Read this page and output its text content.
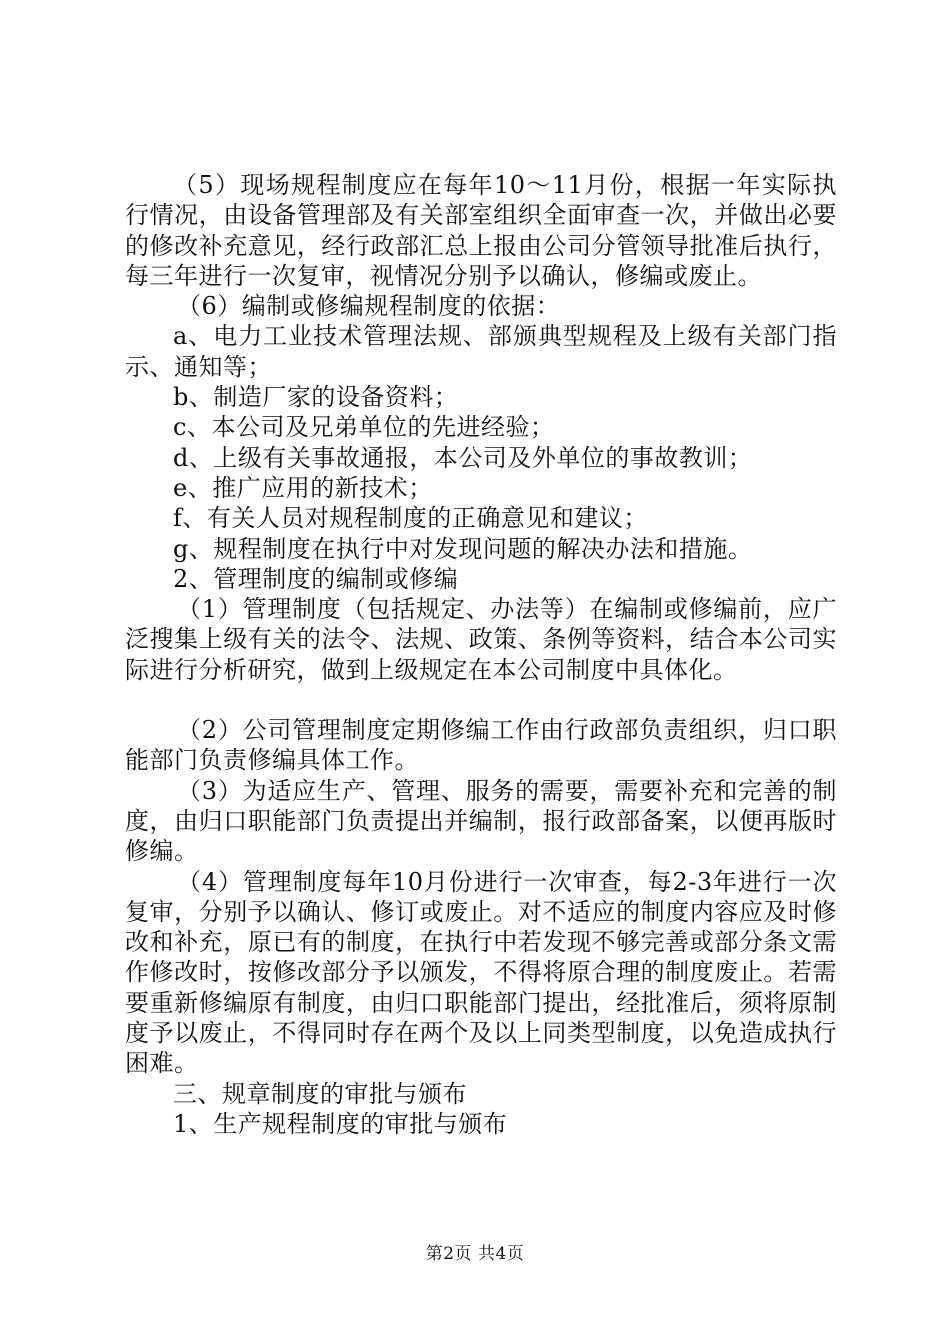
（5）现场规程制度应在每年10～11月份，根据一年实际执行情况，由设备管理部及有关部室组织全面审查一次，并做出必要的修改补充意见，经行政部汇总上报由公司分管领导批准后执行，每三年进行一次复审，视情况分别予以确认，修编或废止。

（6）编制或修编规程制度的依据：

a、电力工业技术管理法规、部颁典型规程及上级有关部门指示、通知等；

b、制造厂家的设备资料；

c、本公司及兄弟单位的先进经验；

d、上级有关事故通报，本公司及外单位的事故教训；

e、推广应用的新技术；

f、有关人员对规程制度的正确意见和建议；

g、规程制度在执行中对发现问题的解决办法和措施。

2、管理制度的编制或修编

（1）管理制度（包括规定、办法等）在编制或修编前，应广泛搜集上级有关的法令、法规、政策、条例等资料，结合本公司实际进行分析研究，做到上级规定在本公司制度中具体化。

（2）公司管理制度定期修编工作由行政部负责组织，归口职能部门负责修编具体工作。

（3）为适应生产、管理、服务的需要，需要补充和完善的制度，由归口职能部门负责提出并编制，报行政部备案，以便再版时修编。

（4）管理制度每年10月份进行一次审查，每2-3年进行一次复审，分别予以确认、修订或废止。对不适应的制度内容应及时修改和补充，原已有的制度，在执行中若发现不够完善或部分条文需作修改时，按修改部分予以颁发，不得将原合理的制度废止。若需要重新修编原有制度，由归口职能部门提出，经批准后，须将原制度予以废止，不得同时存在两个及以上同类型制度，以免造成执行困难。

三、规章制度的审批与颁布

1、生产规程制度的审批与颁布

第2页 共4页
